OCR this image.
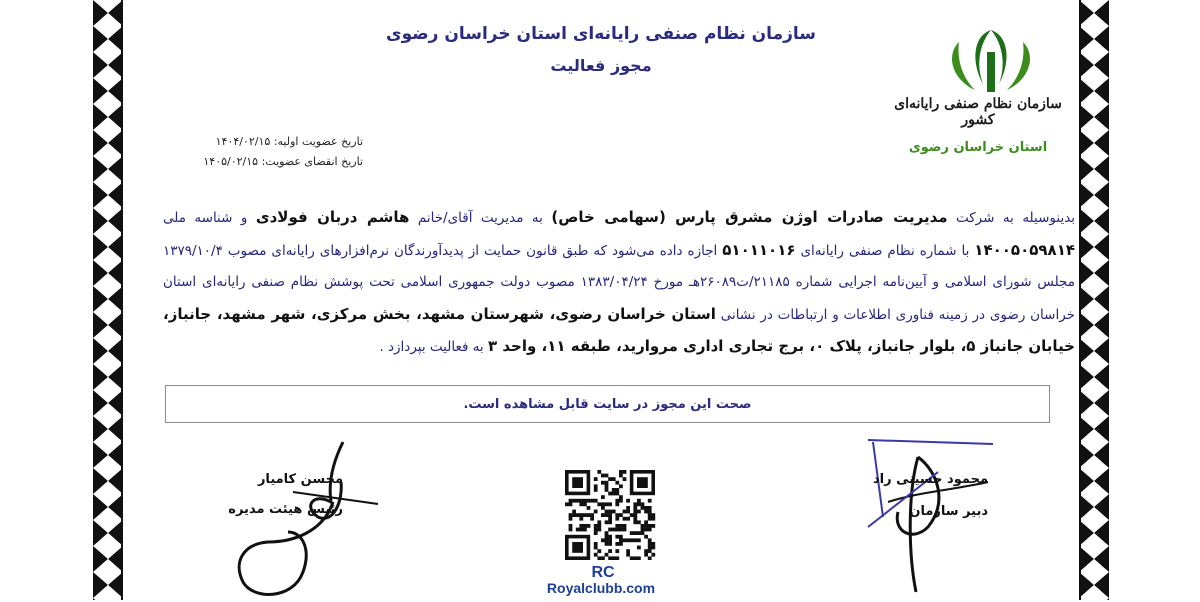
سازمان نظام صنفی رایانه‌ای استان خراسان رضوی
مجوز فعالیت
سازمان نظام صنفی رایانه‌ای کشور
استان خراسان رضوی
تاریخ عضویت اولیه: ۱۴۰۴/۰۲/۱۵
تاریخ انقضای عضویت: ۱۴۰۵/۰۲/۱۵
بدینوسیله به شرکت مدیریت صادرات اوژن مشرق پارس (سهامی خاص) به مدیریت آقای/خانم هاشم دربان فولادی و شناسه ملی ۱۴۰۰۵۰۵۹۸۱۴ با شماره نظام صنفی رایانه‌ای ۵۱۰۱۱۰۱۶ اجازه داده می‌شود که طبق قانون حمایت از پدیدآورندگان نرم‌افزارهای رایانه‌ای مصوب ۱۳۷۹/۱۰/۴ مجلس شورای اسلامی و آیین‌نامه اجرایی شماره ۲۱۱۸۵/ت۲۶۰۸۹هـ مورخ ۱۳۸۳/۰۴/۲۴ مصوب دولت جمهوری اسلامی تحت پوشش نظام صنفی رایانه‌ای استان خراسان رضوی در زمینه فناوری اطلاعات و ارتباطات در نشانی استان خراسان رضوی، شهرستان مشهد، بخش مرکزی، شهر مشهد، جانباز، خیابان جانباز ۵، بلوار جانباز، پلاک ۰، برج تجاری اداری مروارید، طبقه ۱۱، واحد ۳ به فعالیت بپردازد .
صحت این مجوز در سایت قابل مشاهده است.
محسن کامیار
رئیس هیئت مدیره
محمود حسینی راد
دبیر سازمان
RC
Royalclubb.com
